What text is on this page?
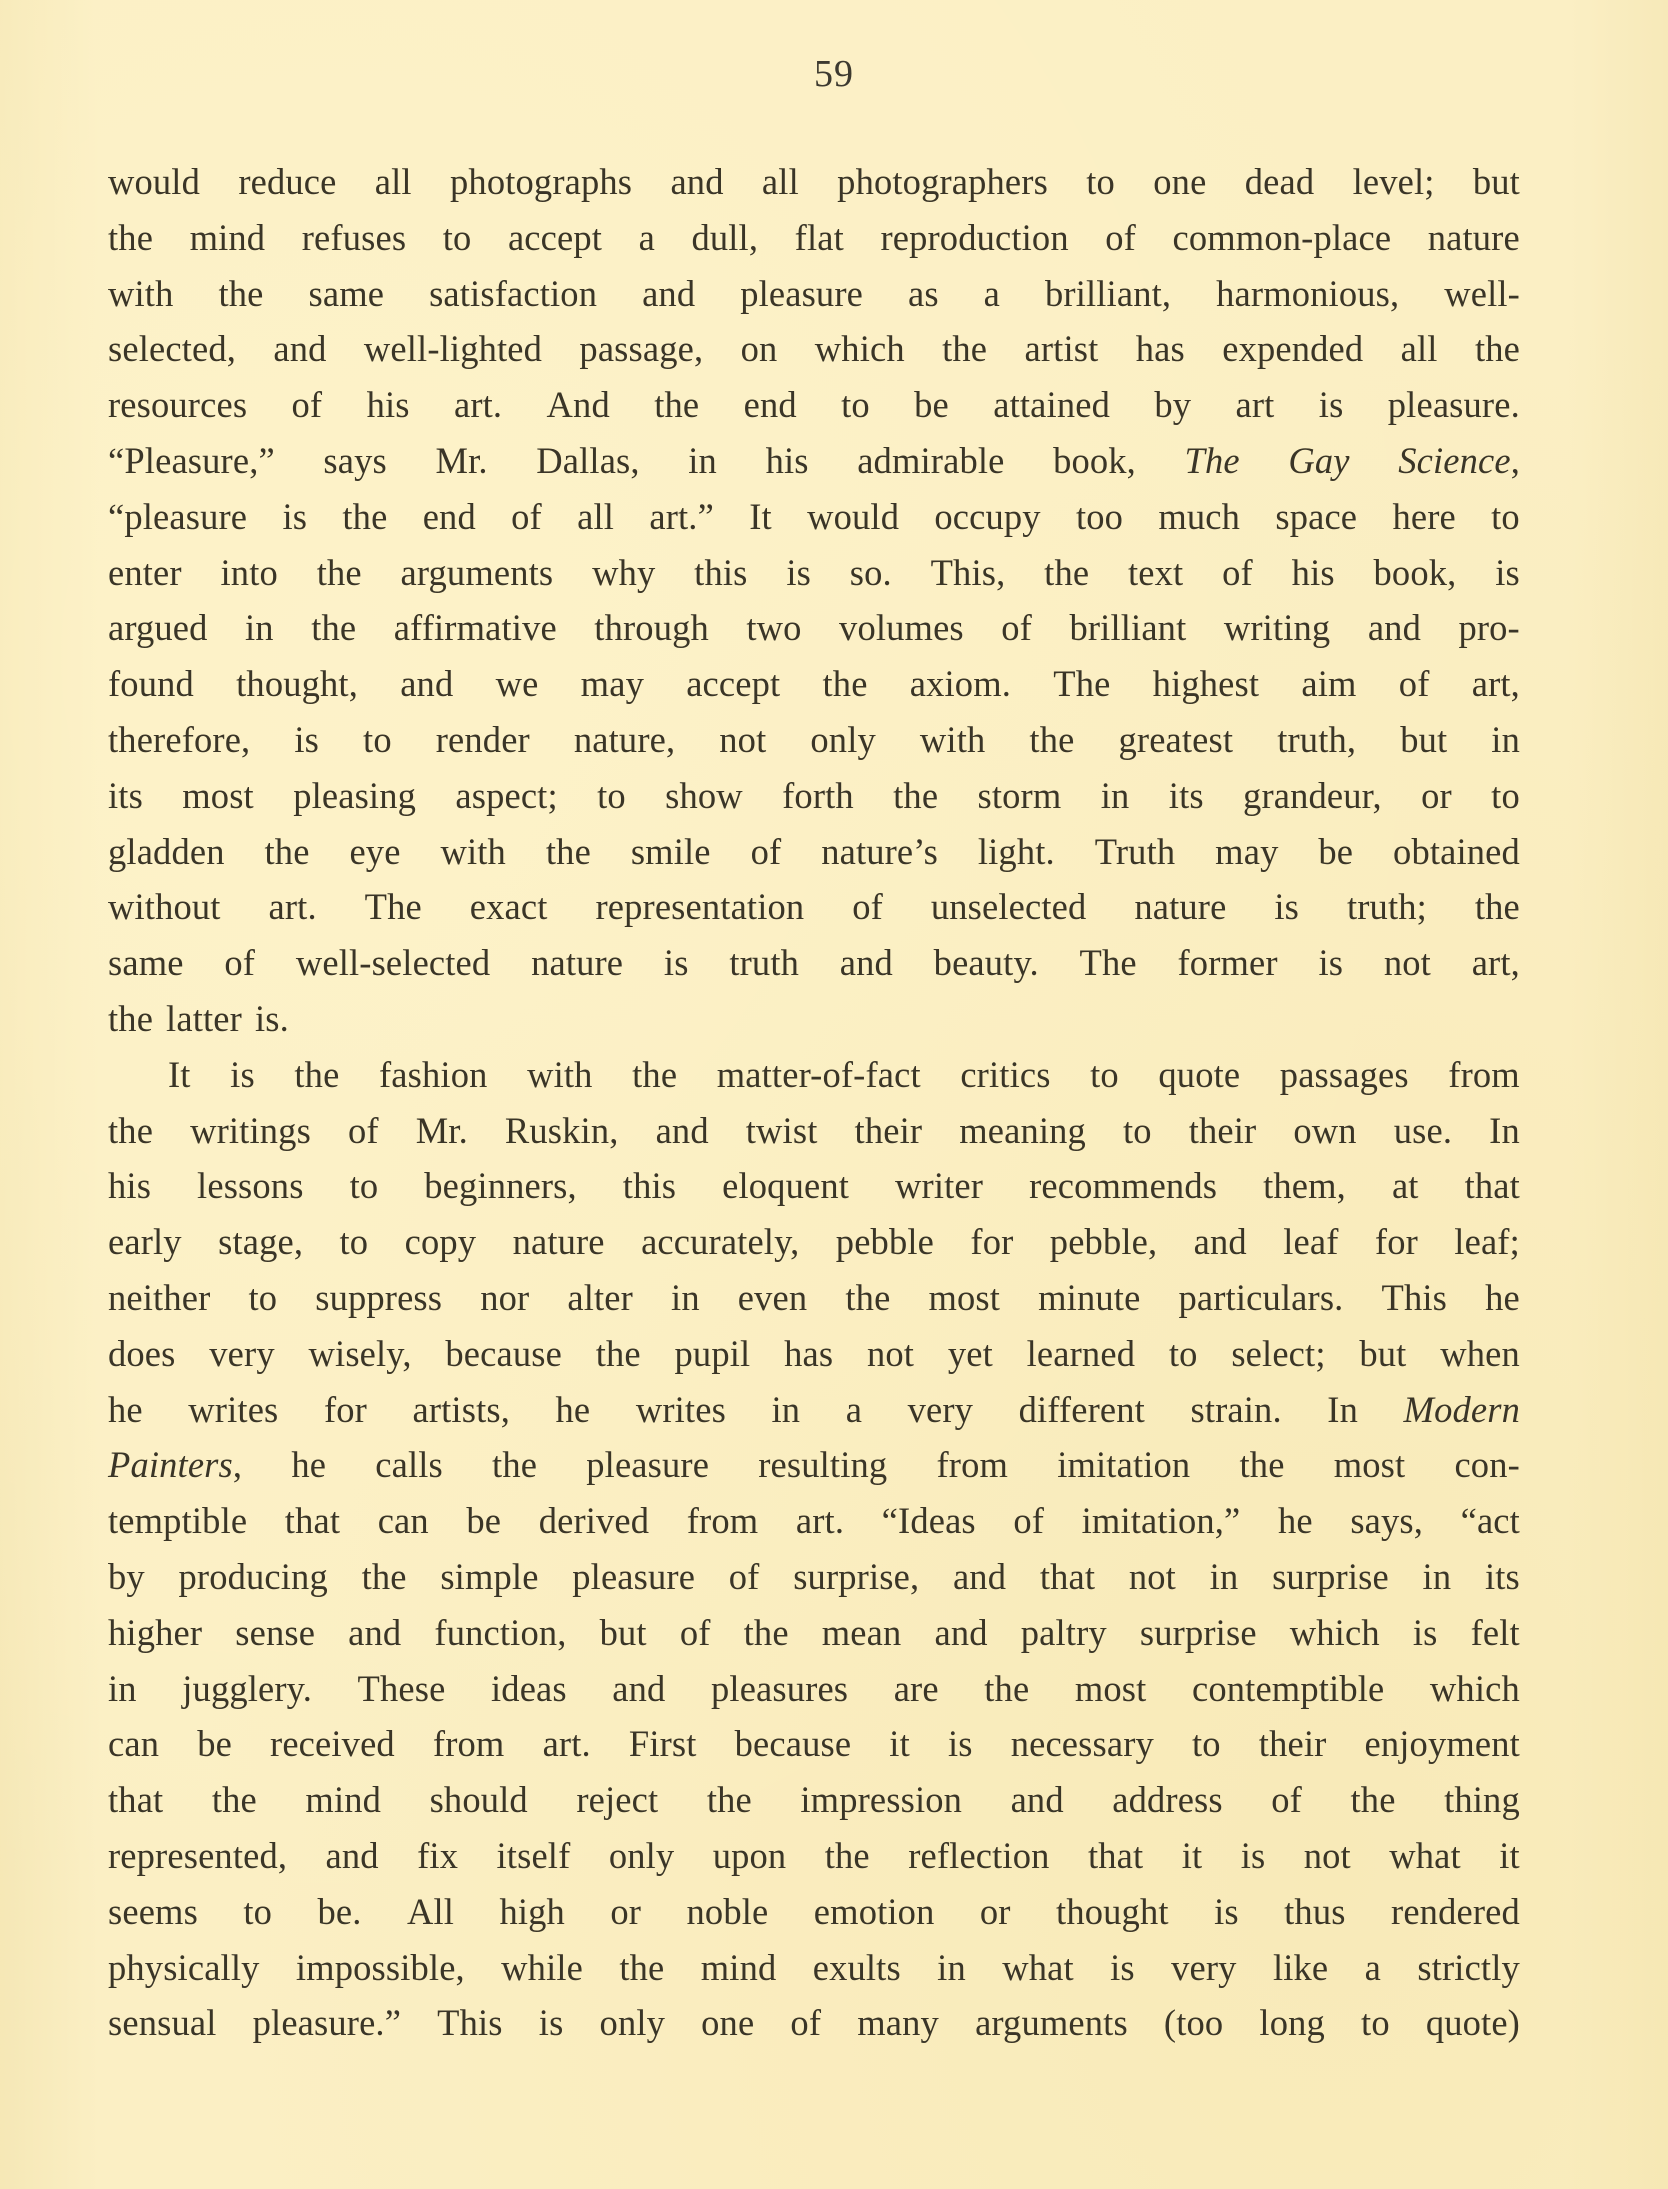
59
would reduce all photographs and all photographers to one dead level; but
the mind refuses to accept a dull, flat reproduction of common-place nature
with the same satisfaction and pleasure as a brilliant, harmonious, well-
selected, and well-lighted passage, on which the artist has expended all the
resources of his art. And the end to be attained by art is pleasure.
“Pleasure,” says Mr. Dallas, in his admirable book, The Gay Science,
“pleasure is the end of all art.” It would occupy too much space here to
enter into the arguments why this is so. This, the text of his book, is
argued in the affirmative through two volumes of brilliant writing and pro-
found thought, and we may accept the axiom. The highest aim of art,
therefore, is to render nature, not only with the greatest truth, but in
its most pleasing aspect; to show forth the storm in its grandeur, or to
gladden the eye with the smile of nature’s light. Truth may be obtained
without art. The exact representation of unselected nature is truth; the
same of well-selected nature is truth and beauty. The former is not art,
the latter is.
It is the fashion with the matter-of-fact critics to quote passages from
the writings of Mr. Ruskin, and twist their meaning to their own use. In
his lessons to beginners, this eloquent writer recommends them, at that
early stage, to copy nature accurately, pebble for pebble, and leaf for leaf;
neither to suppress nor alter in even the most minute particulars. This he
does very wisely, because the pupil has not yet learned to select; but when
he writes for artists, he writes in a very different strain. In Modern
Painters, he calls the pleasure resulting from imitation the most con-
temptible that can be derived from art. “Ideas of imitation,” he says, “act
by producing the simple pleasure of surprise, and that not in surprise in its
higher sense and function, but of the mean and paltry surprise which is felt
in jugglery. These ideas and pleasures are the most contemptible which
can be received from art. First because it is necessary to their enjoyment
that the mind should reject the impression and address of the thing
represented, and fix itself only upon the reflection that it is not what it
seems to be. All high or noble emotion or thought is thus rendered
physically impossible, while the mind exults in what is very like a strictly
sensual pleasure.” This is only one of many arguments (too long to quote)
